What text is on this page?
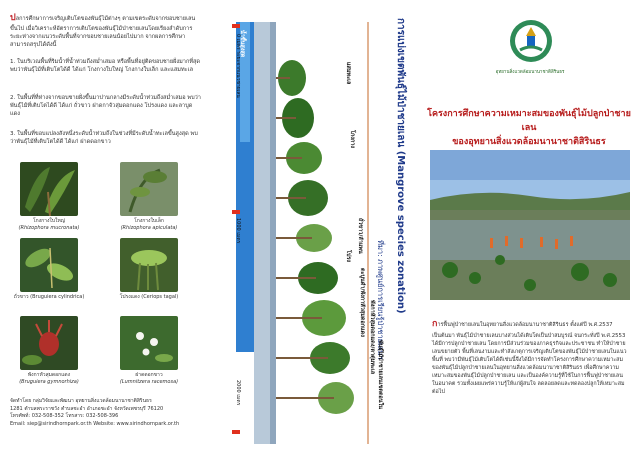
ปลการศึกษาการเจริญเติบโตของพันธุ์ไม้ต่างๆ ตามเขตระดับจากขอบชายเลนขึ้นไป เมื่อวิเคราะห์อัตราการเติบโตของพันธุ์ไม้ป่าชายเลนโดยเรียงลำดับการระยะห่างจากแนวระดับพื้นที่จากขอบชายเลนน้อยไปมาก จากผลการศึกษาสามารถสรุปได้ดังนี้

1. ในบริเวณพื้นที่ริมน้ำที่น้ำท่วมถึงสม่ำเสมอ หรือพื้นที่อยู่ติดขอบชายฝั่งมากที่สุด พบว่าพันธุ์ไม้ที่เติบโตได้ดี ได้แก่ โกงกางใบใหญ่ โกงกางใบเล็ก และแสมทะเล

2. ในพื้นที่ที่ห่างจากขอบชายฝั่งขึ้นมาปานกลางมีระดับน้ำท่วมถึงสม่ำเสมอ พบว่าพันธุ์ไม้ที่เติบโตได้ดี ได้แก่ ถั่วขาว ฝาดกาจัวสุ่มดอกแดง โปรงแดง และลาบูดแดง

3. ในพื้นที่ขอบแปลงสังหนึ่งระดับน้ำท่วมถึงในช่วงที่มีระดับน้ำทะเลขึ้นสูงสุด พบว่าพันธุ์ไม้ที่เติบโตได้ดี ได้แก่ ฝาดดอกขาว

โกงกางใบใหญ่
(Rhizophora mucronata)
โกงกางใบเล็ก
(Rhizophora apiculata)
ถั่วขาว (Bruguiera cylindrica)	โปรงแดง (Ceriops tagal)
พังกาหัวสุมดอกแดง
(Bruguiera gymnorhiza)
ฝาดดอกขาว
(Lumnitzera racemosa)
จัดทำโดย กลุ่มวิจัยและพัฒนา อุทยานสิ่งแวดล้อมนานาชาติสิรินธร
1281 ตำบลพระราชวัง ตำบลชะอำ อำเภอชะอำ จังหวัดเพชรบุรี 76120
โทรศัพท์: 032-508-352 โทรสาร: 032-508-396
Email: siep@sirindhornpark.or.th Website: www.sirindhornpark.or.th
การแบ่งเขตพันธุ์ไม้ป่าชายเลน (Mangrove species zonation)
ที่มา: ภาพศูนย์การเรียนรู้ป่าชายเลนฯ
น้ำขึ้นสูงสุด
0 เมตร ระยะจากแนวชายเลน
1000 เมตร
2000 เมตร
แสมทะเล
โกงกาง
ถั่วขาว/ลำแพน
โปรง
ตะบูนดำ/พังกาหัวสุมดอกแดง พังกาหัวสุมดอกแดง/ตาตุ่มทะเล
พันธุ์ไม้ป่าชายเลนเขตตอนใน
อุทยานสิ่งแวดล้อมนานาชาติสิรินธร
โครงการศึกษาความเหมาะสมของพันธุ์ไม้ปลูกป่าชายเลน
ของอุทยานสิ่งแวดล้อมนานาชาติสิรินธร

การฟื้นฟูป่าชายเลนในอุทยานสิ่งแวดล้อมนานาชาติสิรินธร ตั้งแต่ปี พ.ศ.2537 เป็นต้นมา พันธุ์ไม้ป่าชายเลนบางส่วนได้เติบโตเป็นป่าสมบูรณ์ จนกระทั่งปี พ.ศ.2553 ได้มีการปลูกป่าชายเลน โดยการมีส่วนร่วมของภาคธุรกิจและประชาชน ทำให้ป่าชายเลนขยายตัว พื้นที่เลนงามและทำสังเกตุการเจริญเติบโตของพันธุ์ไม้ป่าชายเลนในแนวพื้นที่ พบว่ามีพันธุ์ไม้เติบโตได้ดีเช่นนี้จึงได้มีการจัดทำโครงการศึกษาความเหมาะสมของพันธุ์ไม้ปลูกป่าชายเลนในอุทยานสิ่งแวดล้อมนานาชาติสิรินธร เพื่อศึกษาความเหมาะสมของพันธุ์ไม้ปลูกป่าชายเลน และเป็นองค์ความรู้ที่ใช้ในการฟื้นฟูป่าชายเลนในอนาคต รวมทั้งเผยแพร่ความรู้ให้แก่ผู้สนใจ ลดลอยลดและทดลองปลูกให้เหมาะสมต่อไป
